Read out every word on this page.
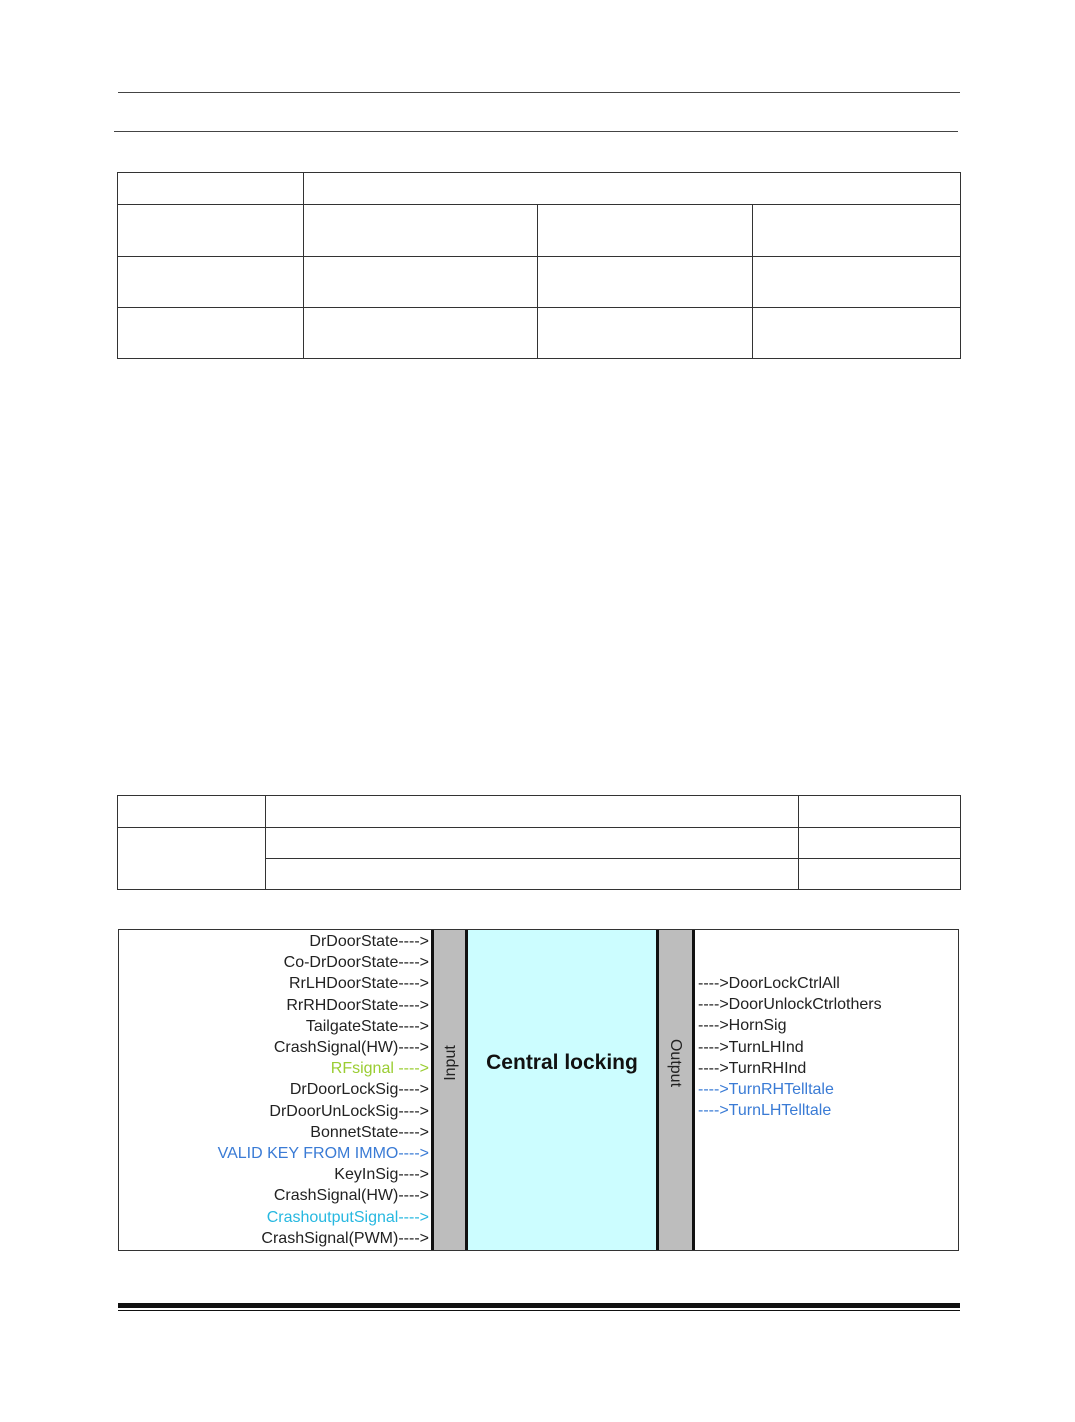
DrDoorState---->
Co-DrDoorState---->
RrLHDoorState---->
RrRHDoorState---->
TailgateState---->
CrashSignal(HW)---->
RFsignal ---->
DrDoorLockSig---->
DrDoorUnLockSig---->
BonnetState---->
VALID KEY FROM IMMO---->
KeyInSig---->
CrashSignal(HW)---->
CrashoutputSignal---->
CrashSignal(PWM)---->
Input	Central locking	Output
---->DoorLockCtrlAll
---->DoorUnlockCtrlothers
---->HornSig
---->TurnLHInd
---->TurnRHInd
---->TurnRHTelltale
---->TurnLHTelltale
